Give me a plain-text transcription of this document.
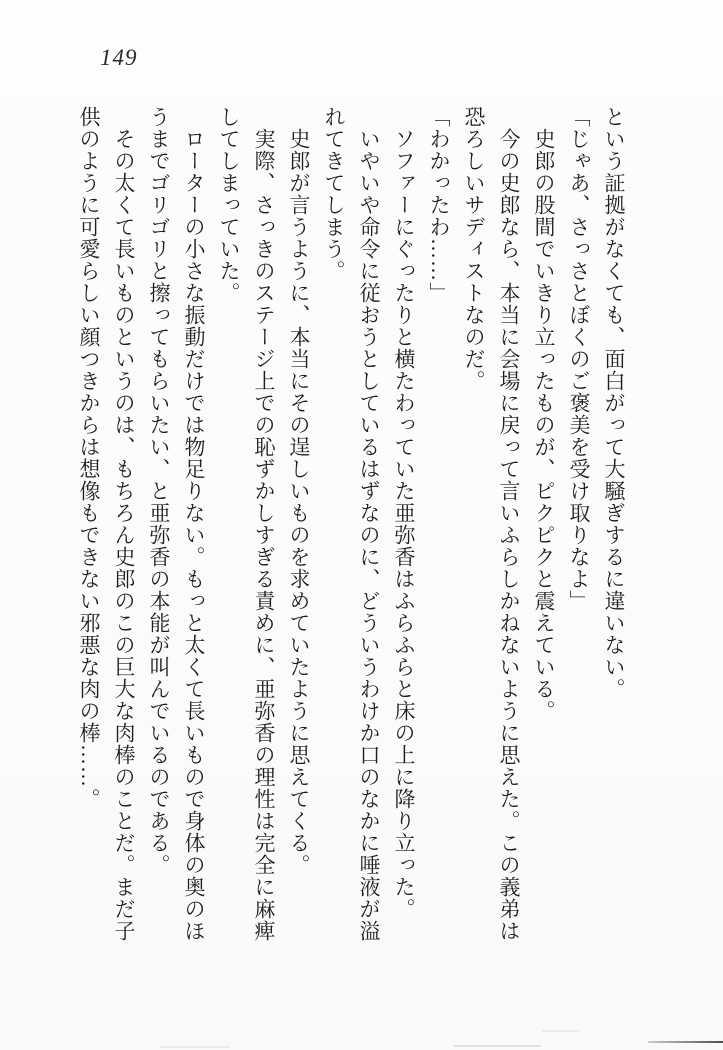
149

という証拠がなくても、面白がって大騒ぎするに違いない。

「じゃあ、さっさとぼくのご褒美を受け取りなよ」

史郎の股間でいきり立ったものが、ピクピクと震えている。

今の史郎なら、本当に会場に戻って言いふらしかねないように思えた。この義弟は恐ろしいサディストなのだ。

「わかったわ……」

ソファーにぐったりと横たわっていた亜弥香はふらふらと床の上に降り立った。

いやいや命令に従おうとしているはずなのに、どういうわけか口のなかに唾液が溢れてきてしまう。

史郎が言うように、本当にその逞しいものを求めていたように思えてくる。

実際、さっきのステージ上での恥ずかしすぎる責めに、亜弥香の理性は完全に麻痺してしまっていた。

ローターの小さな振動だけでは物足りない。もっと太くて長いもので身体の奥のほうまでゴリゴリと擦ってもらいたい、と亜弥香の本能が叫んでいるのである。

その太くて長いものというのは、もちろん史郎のこの巨大な肉棒のことだ。まだ子供のように可愛らしい顔つきからは想像もできない邪悪な肉の棒……。
